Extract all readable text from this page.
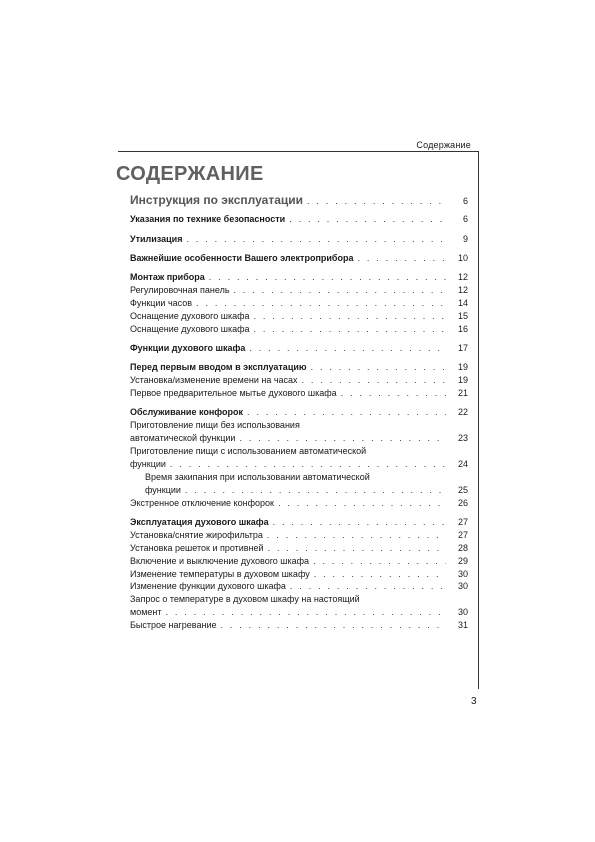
Содержание
СОДЕРЖАНИЕ
Инструкция по эксплуатации . . .	6
Указания по технике безопасности . . .	6
Утилизация . . .	9
Важнейшие особенности Вашего электроприбора . . .	10
Монтаж прибора . . .	12
Регулировочная панель . . .	12
Функции часов . . .	14
Оснащение духового шкафа . . .	15
Оснащение духового шкафа . . .	16
Функции духового шкафа . . .	17
Перед первым вводом в эксплуатацию . . .	19
Установка/изменение времени на часах . . .	19
Первое предварительное мытье духового шкафа . . .	21
Обслуживание конфорок . . .	22
Приготовление пищи без использования
автоматической функции . . .	23
Приготовление пищи с использованием автоматической
функции . . .	24
Время закипания при использовании автоматической
функции . . .	25
Экстренное отключение конфорок . . .	26
Эксплуатация духового шкафа . . .	27
Установка/снятие жирофильтра . . .	27
Установка решеток и противней . . .	28
Включение и выключение духового шкафа . . .	29
Изменение температуры в духовом шкафу . . .	30
Изменение функции духового шкафа . . .	30
Запрос о температуре в духовом шкафу на настоящий
момент . . .	30
Быстрое нагревание . . .	31
3
